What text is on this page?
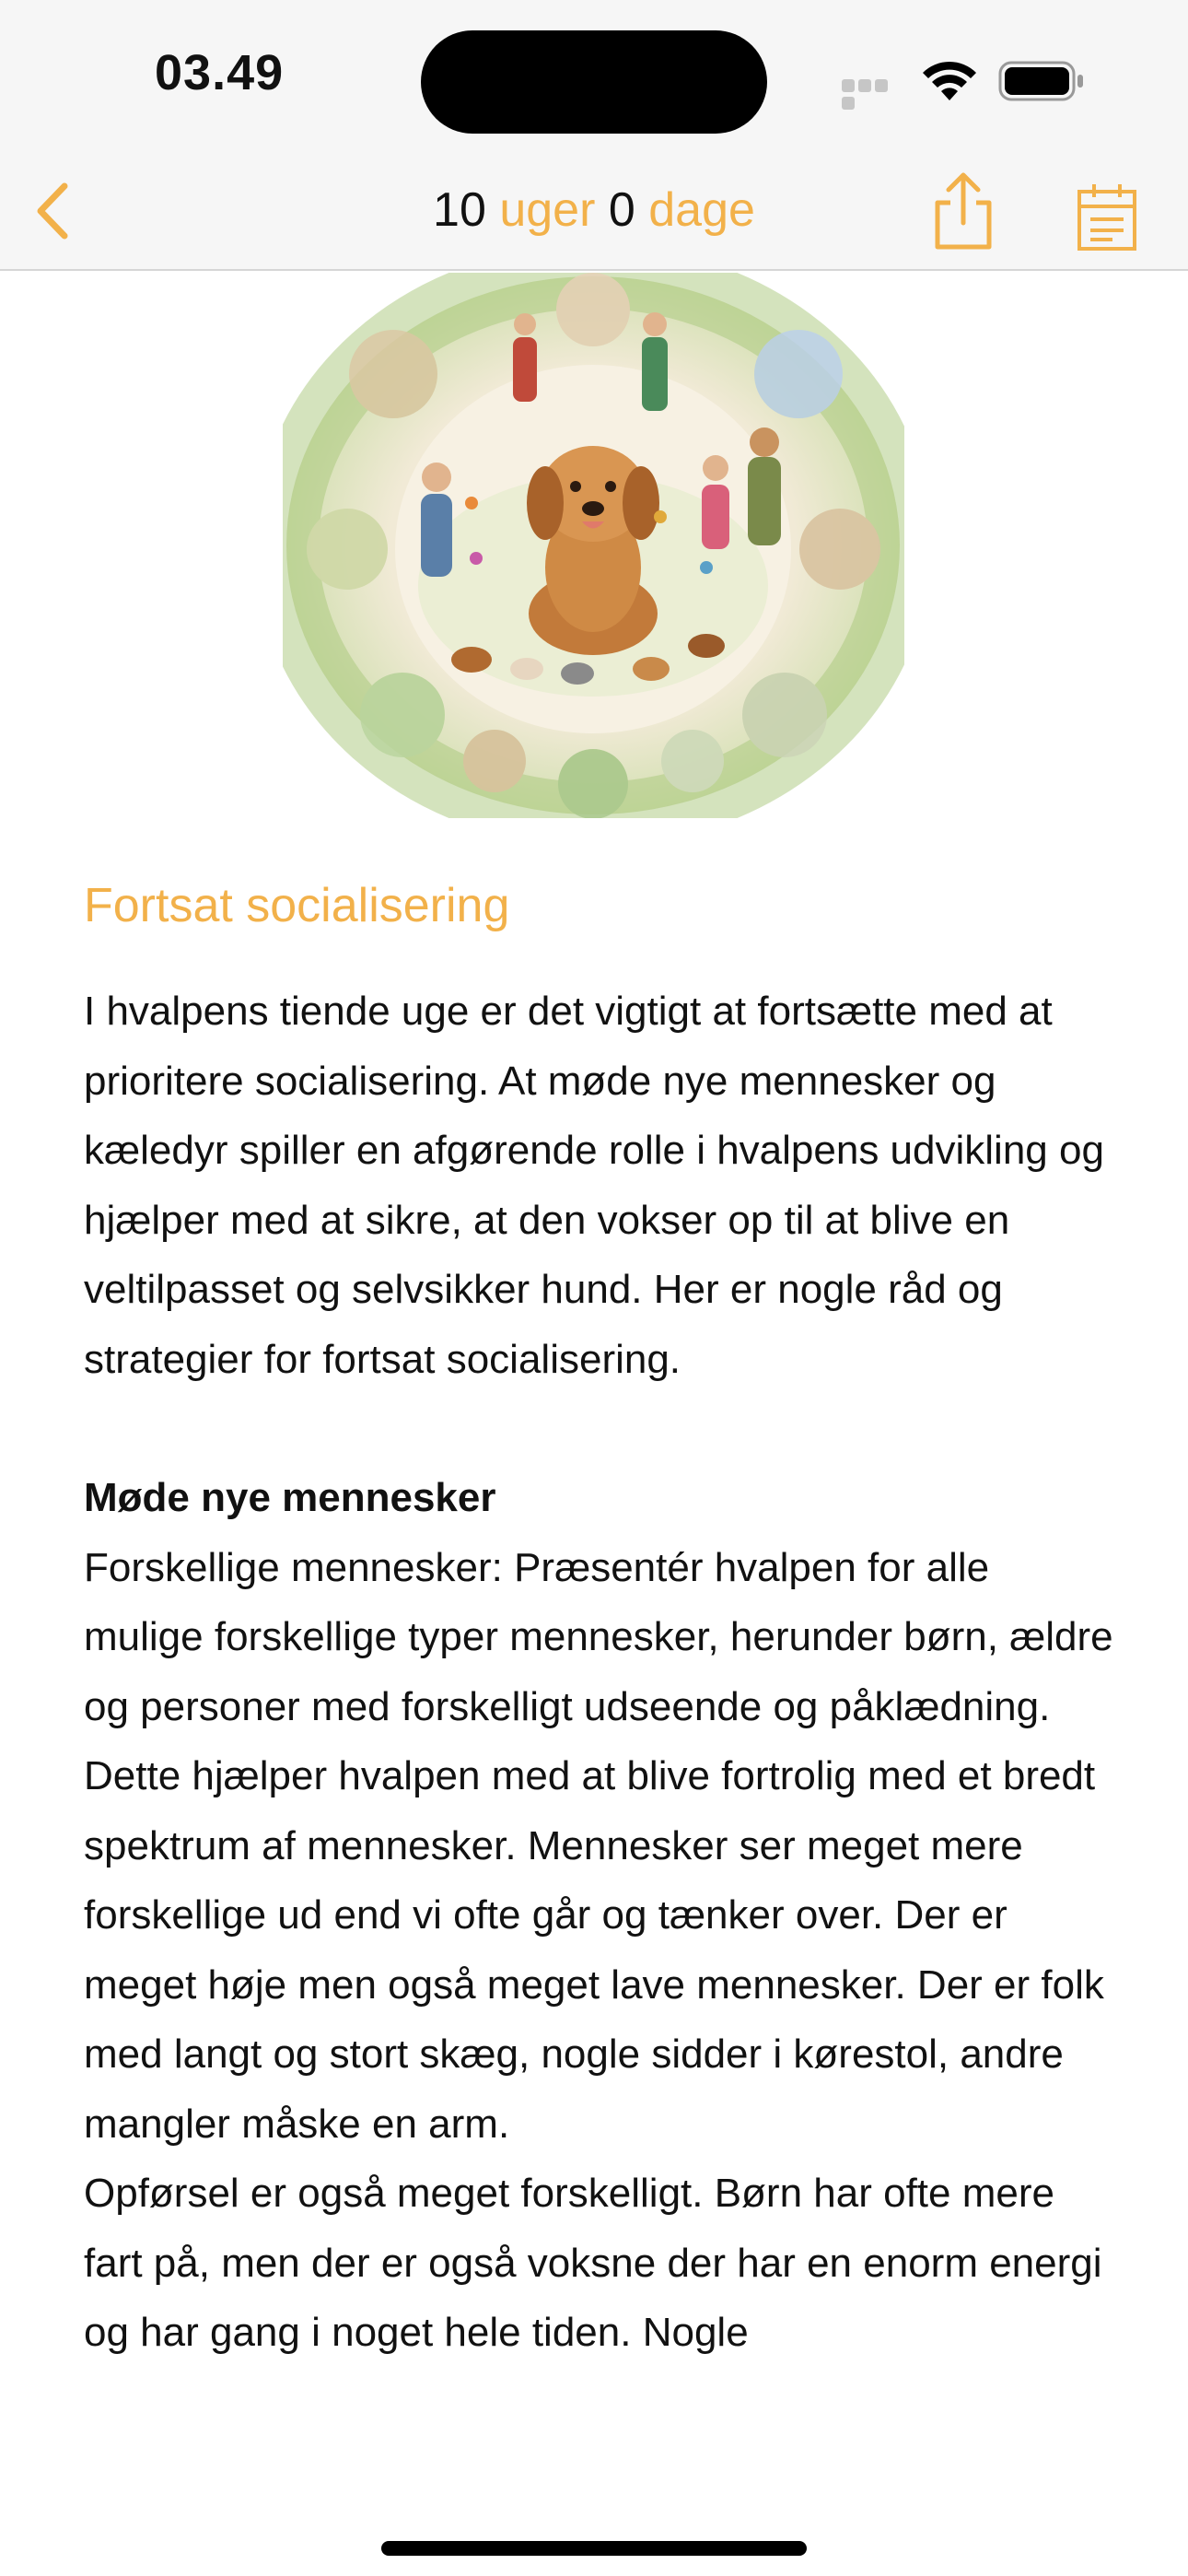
03.49
10 uger 0 dage
Fortsat socialisering

I hvalpens tiende uge er det vigtigt at fortsætte med at prioritere socialisering. At møde nye mennesker og kæledyr spiller en afgørende rolle i hvalpens udvikling og hjælper med at sikre, at den vokser op til at blive en veltilpasset og selvsikker hund. Her er nogle råd og strategier for fortsat socialisering.

Møde nye mennesker

Forskellige mennesker: Præsentér hvalpen for alle mulige forskellige typer mennesker, herunder børn, ældre og personer med forskelligt udseende og påklædning. Dette hjælper hvalpen med at blive fortrolig med et bredt spektrum af mennesker. Mennesker ser meget mere forskellige ud end vi ofte går og tænker over. Der er meget høje men også meget lave mennesker. Der er folk med langt og stort skæg, nogle sidder i kørestol, andre mangler måske en arm.

Opførsel er også meget forskelligt. Børn har ofte mere fart på, men der er også voksne der har en enorm energi og har gang i noget hele tiden. Nogle
